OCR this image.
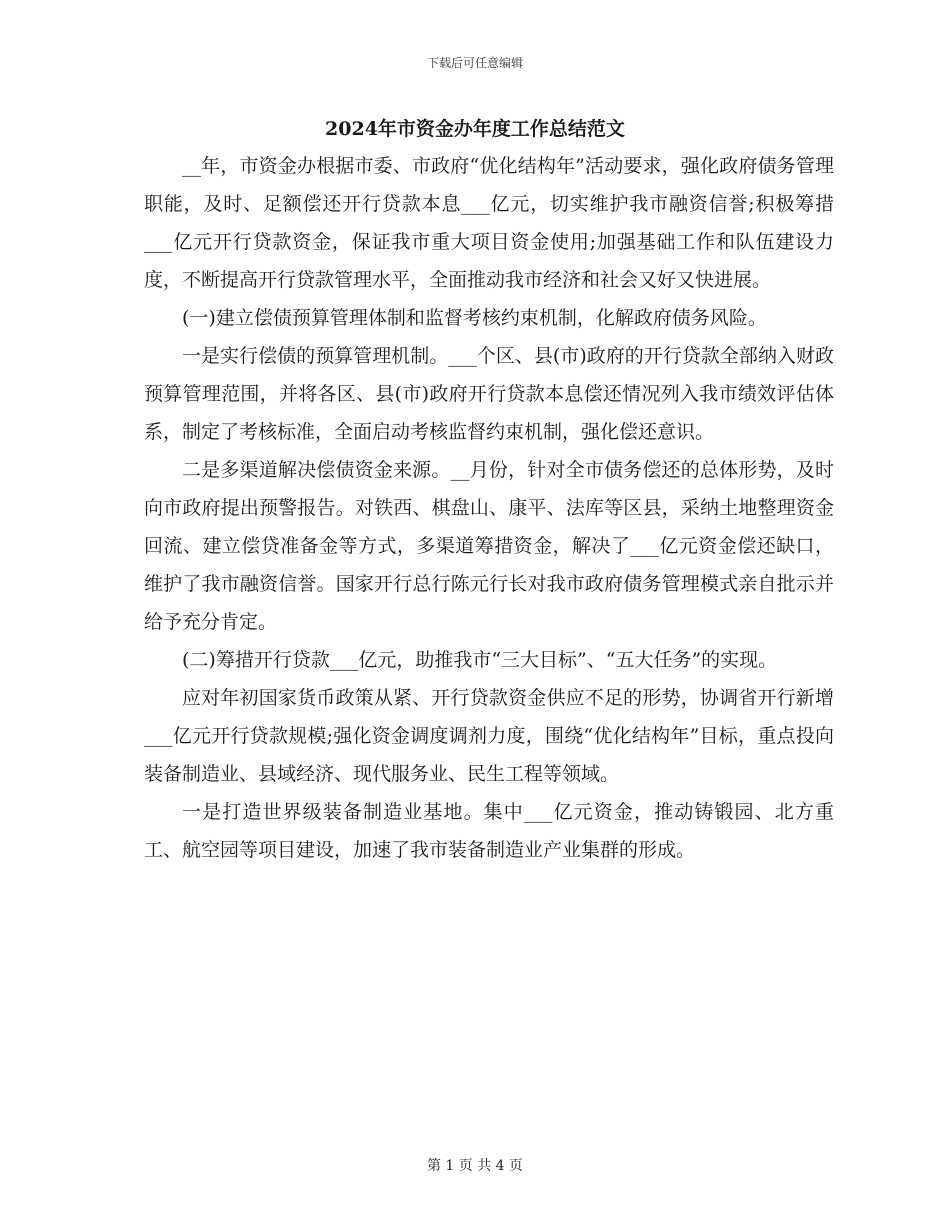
下载后可任意编辑
2024年市资金办年度工作总结范文

__年，市资金办根据市委、市政府“优化结构年”活动要求，强化政府债务管理职能，及时、足额偿还开行贷款本息___亿元，切实维护我市融资信誉;积极筹措___亿元开行贷款资金，保证我市重大项目资金使用;加强基础工作和队伍建设力度，不断提高开行贷款管理水平，全面推动我市经济和社会又好又快进展。

(一)建立偿债预算管理体制和监督考核约束机制，化解政府债务风险。

一是实行偿债的预算管理机制。___个区、县(市)政府的开行贷款全部纳入财政预算管理范围，并将各区、县(市)政府开行贷款本息偿还情况列入我市绩效评估体系，制定了考核标准，全面启动考核监督约束机制，强化偿还意识。

二是多渠道解决偿债资金来源。__月份，针对全市债务偿还的总体形势，及时向市政府提出预警报告。对铁西、棋盘山、康平、法库等区县，采纳土地整理资金回流、建立偿贷准备金等方式，多渠道筹措资金，解决了___亿元资金偿还缺口，维护了我市融资信誉。国家开行总行陈元行长对我市政府债务管理模式亲自批示并给予充分肯定。

(二)筹措开行贷款___亿元，助推我市“三大目标”、“五大任务”的实现。

应对年初国家货币政策从紧、开行贷款资金供应不足的形势，协调省开行新增___亿元开行贷款规模;强化资金调度调剂力度，围绕“优化结构年”目标，重点投向装备制造业、县域经济、现代服务业、民生工程等领域。

一是打造世界级装备制造业基地。集中___亿元资金，推动铸锻园、北方重工、航空园等项目建设，加速了我市装备制造业产业集群的形成。

第 1 页 共 4 页
